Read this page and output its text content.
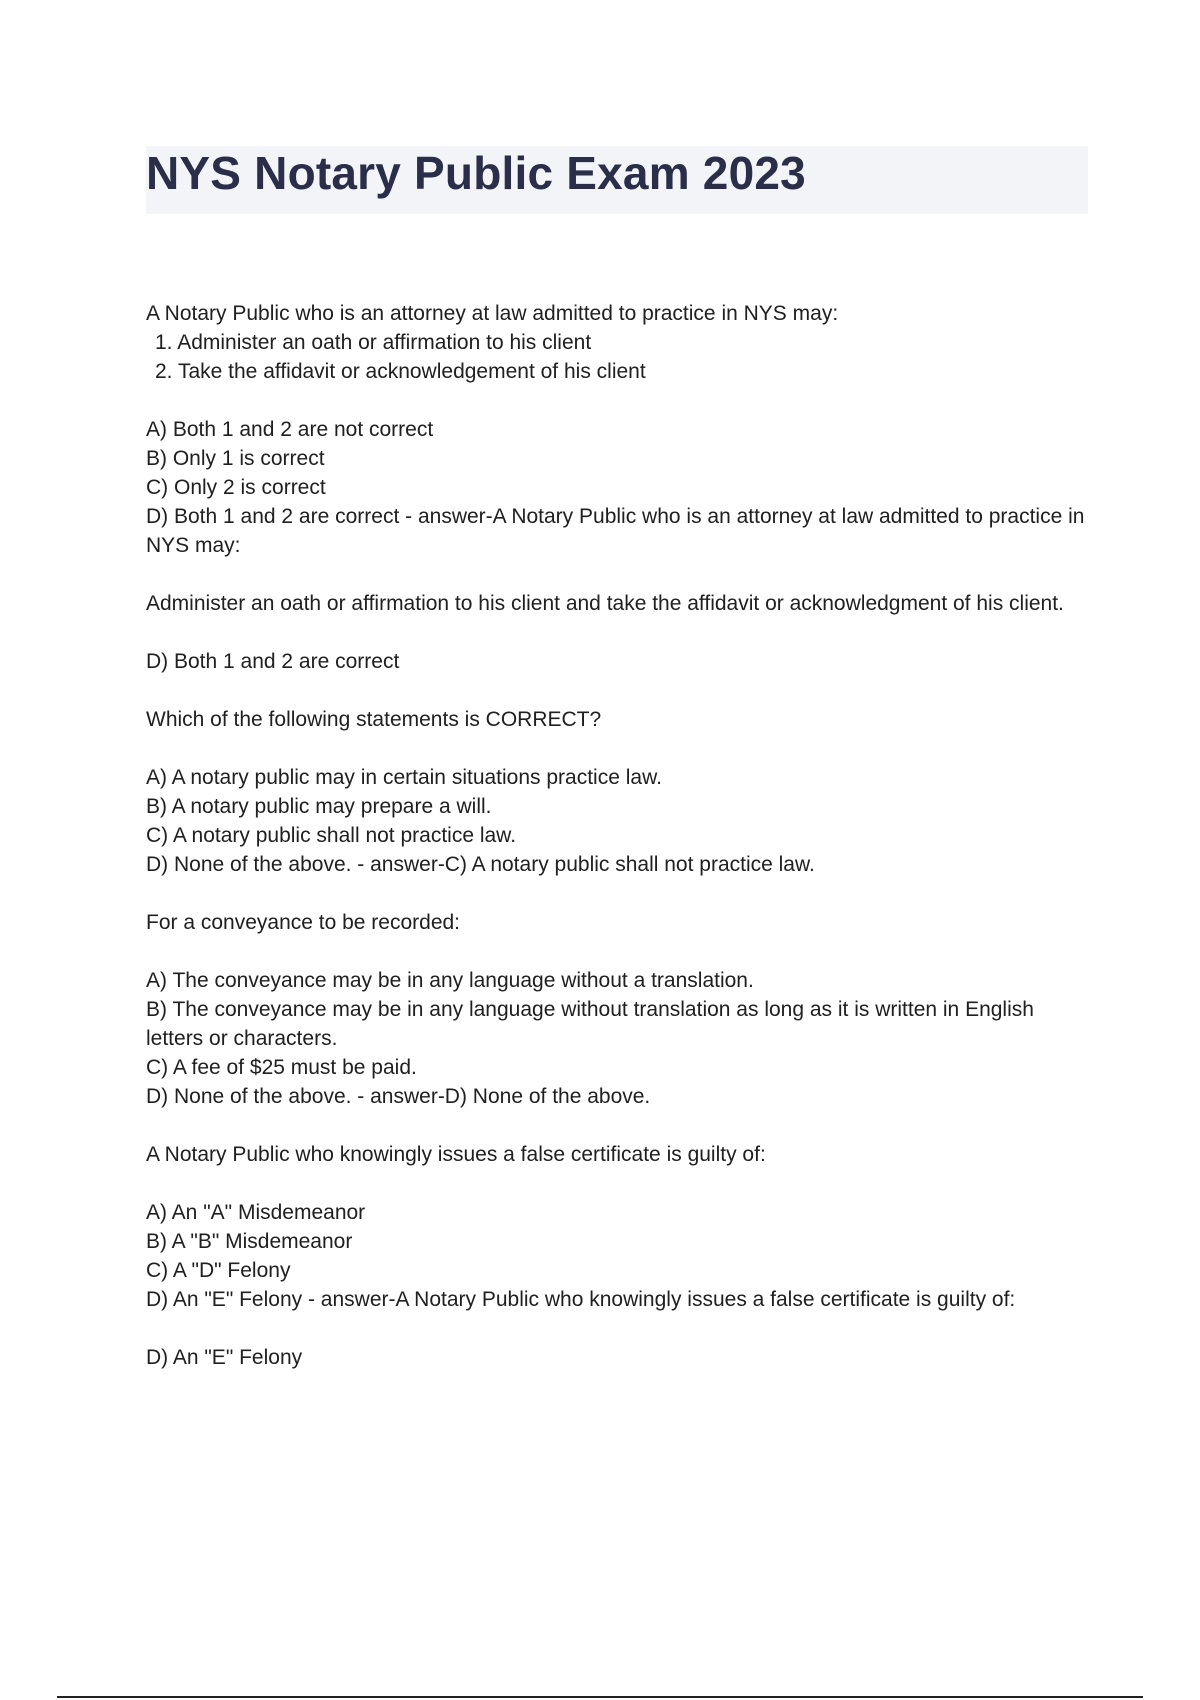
NYS Notary Public Exam 2023
A Notary Public who is an attorney at law admitted to practice in NYS may:
1. Administer an oath or affirmation to his client
2. Take the affidavit or acknowledgement of his client
A) Both 1 and 2 are not correct
B) Only 1 is correct
C) Only 2 is correct
D) Both 1 and 2 are correct - answer-A Notary Public who is an attorney at law admitted to practice in NYS may:
Administer an oath or affirmation to his client and take the affidavit or acknowledgment of his client.
D) Both 1 and 2 are correct
Which of the following statements is CORRECT?
A) A notary public may in certain situations practice law.
B) A notary public may prepare a will.
C) A notary public shall not practice law.
D) None of the above. - answer-C) A notary public shall not practice law.
For a conveyance to be recorded:
A) The conveyance may be in any language without a translation.
B) The conveyance may be in any language without translation as long as it is written in English letters or characters.
C) A fee of $25 must be paid.
D) None of the above. - answer-D) None of the above.
A Notary Public who knowingly issues a false certificate is guilty of:
A) An "A" Misdemeanor
B) A "B" Misdemeanor
C) A "D" Felony
D) An "E" Felony - answer-A Notary Public who knowingly issues a false certificate is guilty of:
D) An "E" Felony
